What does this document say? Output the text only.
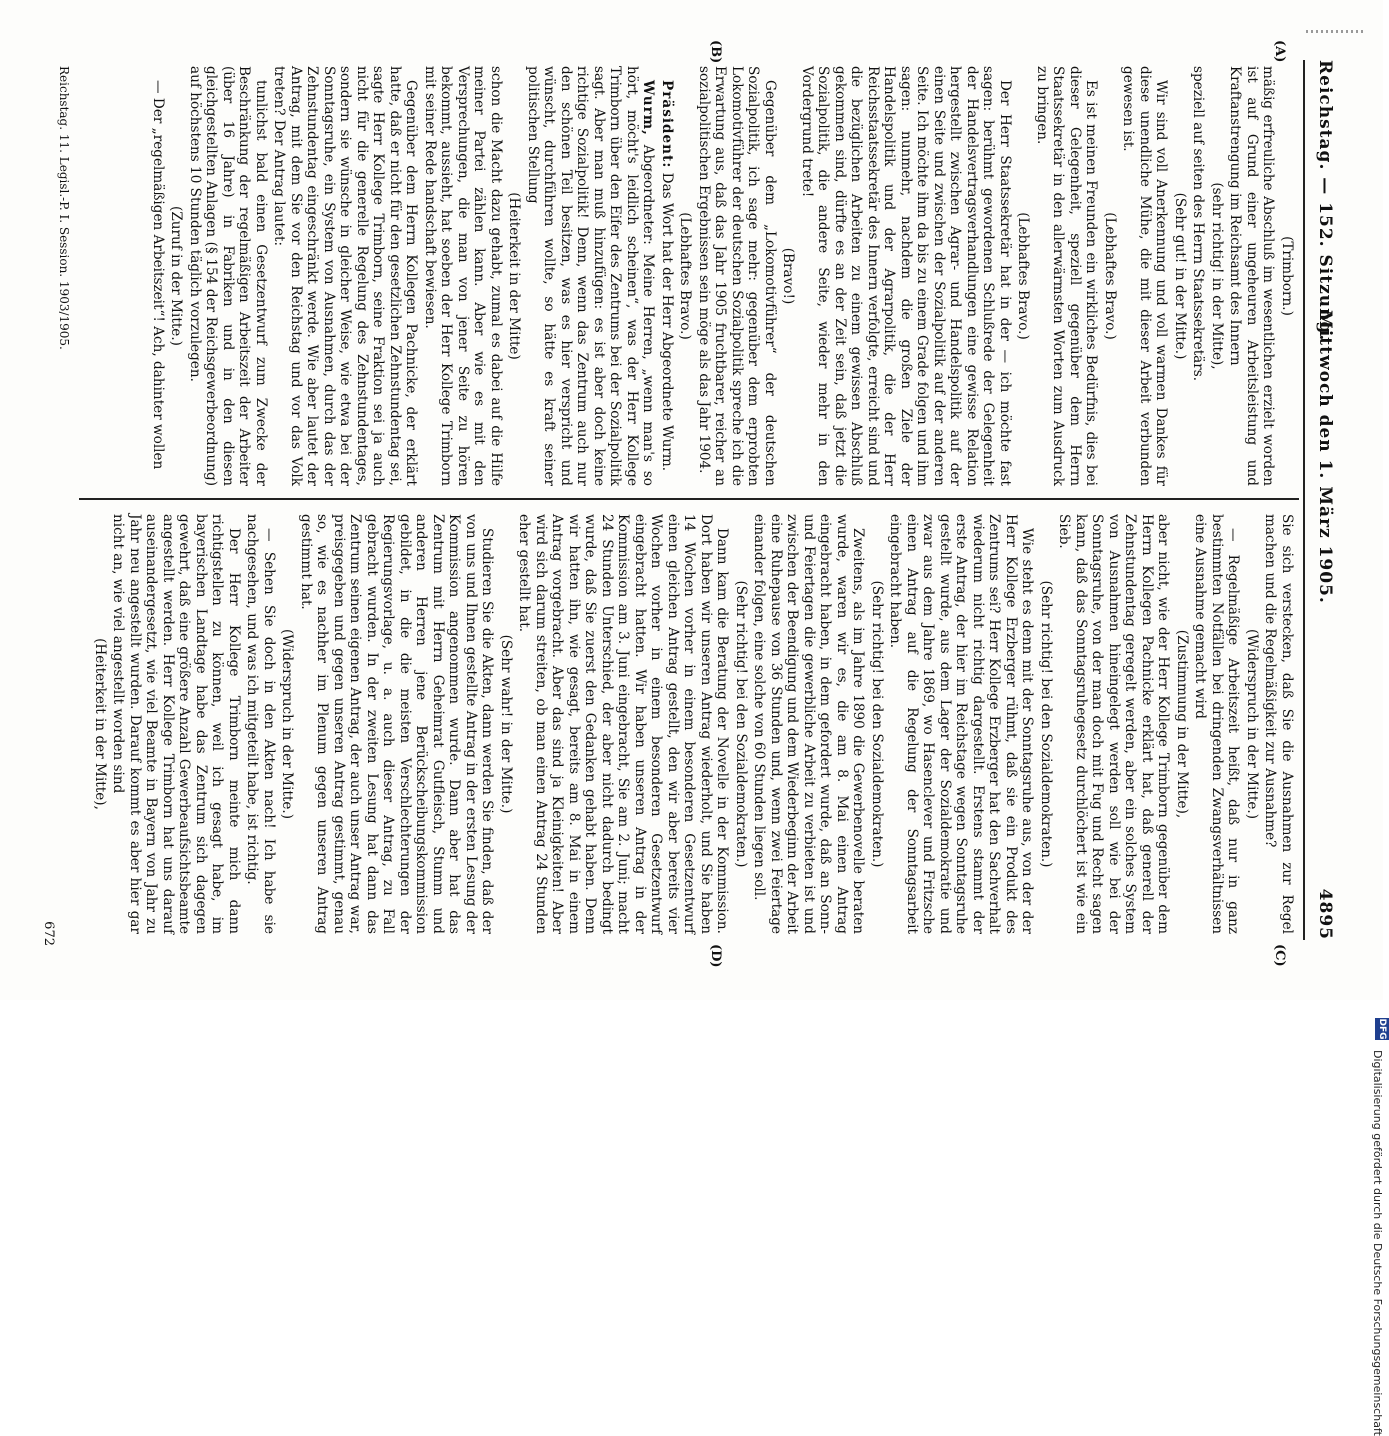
Reichstag. — 152. Sitzung.
Mittwoch den 1. März 1905.
4895
(A)
(B)
(C)
(D)

(Trimborn.)

mäßig erfreuliche Abschluß im wesentlichen erzielt worden ist auf Grund einer ungeheuren Arbeitsleistung und Kraftanstrengung im Reichsamt des Innern

(sehr richtig! in der Mitte),

speziell auf seiten des Herrn Staatssekretärs.

(Sehr gut! in der Mitte.)

Wir sind voll Anerkennung und voll warmen Dankes für diese unendliche Mühe, die mit dieser Arbeit verbunden gewesen ist.

(Lebhaftes Bravo.)

Es ist meinen Freunden ein wirkliches Bedürfnis, dies bei dieser Gelegenheit, speziell gegenüber dem Herrn Staatssekretär in den allerwärmsten Worten zum Ausdruck zu bringen.

(Lebhaftes Bravo.)

Der Herr Staatssekretär hat in der — ich möchte fast sagen: berühmt gewordenen Schlußrede der Gelegenheit der Handelsvertragsverhandlungen eine gewisse Relation hergestellt zwischen Agrar- und Handelspolitik auf der einen Seite und zwischen der Sozialpolitik auf der anderen Seite. Ich möchte ihm da bis zu einem Grade folgen und ihm sagen: nunmehr, nachdem die großen Ziele der Handelspolitik und der Agrarpolitik, die der Herr Reichsstaatssekretär des Innern verfolgte, erreicht sind und die bezüglichen Arbeiten zu einem gewissen Abschluß gekommen sind, dürfte es an der Zeit sein, daß jetzt die Sozialpolitik, die andere Seite, wieder mehr in den Vordergrund trete!

(Bravo!)

Gegenüber dem „Lokomotivführer“ der deutschen Sozialpolitik, ich sage mehr: gegenüber dem erprobten Lokomotivführer der deutschen Sozialpolitik spreche ich die Erwartung aus, daß das Jahr 1905 fruchtbarer, reicher an sozialpolitischen Ergebnissen sein möge als das Jahr 1904.

(Lebhaftes Bravo.)

Präsident: Das Wort hat der Herr Abgeordnete Wurm.

Wurm, Abgeordneter: Meine Herren, „wenn man's so hört, möcht's leidlich scheinen“, was der Herr Kollege Trimborn über den Eifer des Zentrums bei der Sozialpolitik sagt. Aber man muß hinzufügen: es ist aber doch keine richtige Sozialpolitik! Denn, wenn das Zentrum auch nur den schönen Teil besitzen, was es hier verspricht und wünscht, durchführen wollte, so hätte es kraft seiner politischen Stellung

(Heiterkeit in der Mitte)

schon die Macht dazu gehabt, zumal es dabei auf die Hilfe meiner Partei zählen kann. Aber wie es mit den Versprechungen, die man von jener Seite zu hören bekommt, aussieht, hat soeben der Herr Kollege Trimborn mit seiner Rede handschaft bewiesen.

Gegenüber dem Herrn Kollegen Pachnicke, der erklärt hatte, daß er nicht für den gesetzlichen Zehnstundentag sei, sagte Herr Kollege Trimborn, seine Fraktion sei ja auch nicht für die generelle Regelung des Zehnstundentages, sondern sie wünsche in gleicher Weise, wie etwa bei der Sonntagsruhe, ein System von Ausnahmen, durch das der Zehnstundentag eingeschränkt werde. Wie aber lautet der Antrag, mit dem Sie vor den Reichstag und vor das Volk treten? Der Antrag lautet:

tunlichst bald einen Gesetzentwurf zum Zwecke der Beschränkung der regelmäßigen Arbeitszeit der Arbeiter (über 16 Jahre) in Fabriken und in den diesen gleichgestellten Anlagen (§ 154 der Reichsgewerbeordnung) auf höchstens 10 Stunden täglich vorzulegen.

(Zuruf in der Mitte.)

— Der „regelmäßigen Arbeitszeit“! Ach, dahinter wollen

Sie sich verstecken, daß Sie die Ausnahmen zur Regel machen und die Regelmäßigkeit zur Ausnahme?

(Widerspruch in der Mitte.)

— Regelmäßige Arbeitszeit heißt, daß nur in ganz bestimmten Notfällen bei dringenden Zwangsverhältnissen eine Ausnahme gemacht wird

(Zustimmung in der Mitte),

aber nicht, wie der Herr Kollege Trimborn gegenüber dem Herrn Kollegen Pachnicke erklärt hat, daß generell der Zehnstundentag geregelt werden, aber ein solches System von Ausnahmen hineingelegt werden soll wie bei der Sonntagsruhe, von der man doch mit Fug und Recht sagen kann, daß das Sonntagsruhegesetz durchlöchert ist wie ein Sieb.

(Sehr richtig! bei den Sozialdemokraten.)

Wie steht es denn mit der Sonntagsruhe aus, von der der Herr Kollege Erzberger rühmt, daß sie ein Produkt des Zentrums sei? Herr Kollege Erzberger hat den Sachverhalt wiederum nicht richtig dargestellt. Erstens stammt der erste Antrag, der hier im Reichstage wegen Sonntagsruhe gestellt wurde, aus dem Lager der Sozialdemokratie und zwar aus dem Jahre 1869, wo Hasenclever und Fritzsche einen Antrag auf die Regelung der Sonntagsarbeit eingebracht haben.

(Sehr richtig! bei den Sozialdemokraten.)

Zweitens, als im Jahre 1890 die Gewerbenovelle beraten wurde, waren wir es, die am 8. Mai einen Antrag eingebracht haben, in dem gefordert wurde, daß an Sonn- und Feiertagen die gewerbliche Arbeit zu verbieten ist und zwischen der Beendigung und dem Wiederbeginn der Arbeit eine Ruhepause von 36 Stunden und, wenn zwei Feiertage einander folgen, eine solche von 60 Stunden liegen soll.

(Sehr richtig! bei den Sozialdemokraten.)

Dann kam die Beratung der Novelle in der Kommission. Dort haben wir unseren Antrag wiederholt, und Sie haben 14 Wochen vorher in einem besonderen Gesetzentwurf einen gleichen Antrag gestellt, den wir aber bereits vier Wochen vorher in einem besonderen Gesetzentwurf eingebracht hatten. Wir haben unseren Antrag in der Kommission am 3. Juni eingebracht, Sie am 2. Juni; macht 24 Stunden Unterschied, der aber nicht dadurch bedingt wurde, daß Sie zuerst den Gedanken gehabt haben. Denn wir hatten ihn, wie gesagt, bereits am 8. Mai in einem Antrag vorgebracht. Aber das sind ja Kleinigkeiten! Aber wird sich darum streiten, ob man einen Antrag 24 Stunden eher gestellt hat.

(Sehr wahr! in der Mitte.)

Studieren Sie die Akten, dann werden Sie finden, daß der von uns und Ihnen gestellte Antrag in der ersten Lesung der Kommission angenommen wurde. Dann aber hat das Zentrum mit Herrn Geheimrat Gutfleisch, Stumm und anderen Herren jene Berückscheibungskommission gebildet, in die die meisten Verschlechterungen der Regierungsvorlage, u. a. auch dieser Antrag, zu Fall gebracht wurden. In der zweiten Lesung hat dann das Zentrum seinen eigenen Antrag, der auch unser Antrag war, preisgegeben und gegen unseren Antrag gestimmt, genau so, wie es nachher im Plenum gegen unseren Antrag gestimmt hat.

(Widerspruch in der Mitte.)

— Sehen Sie doch in den Akten nach! Ich habe sie nachgesehen, und was ich mitgeteilt habe, ist richtig.

Der Herr Kollege Trimborn meinte mich dann richtigstellen zu können, weil ich gesagt habe, im bayerischen Landtage habe das Zentrum sich dagegen gewehrt, daß eine größere Anzahl Gewerbeaufsichtsbeamte angestellt werden. Herr Kollege Trimborn hat uns darauf auseinandergesetzt, wie viel Beamte in Bayern von Jahr zu Jahr neu angestellt wurden. Darauf kommt es aber hier gar nicht an, wie viel angestellt worden sind

(Heiterkeit in der Mitte),

Reichstag. 11. Legisl.-P. I. Session. 1903/1905.
672
DFG
Digitalisierung gefördert durch die Deutsche Forschungsgemeinschaft
